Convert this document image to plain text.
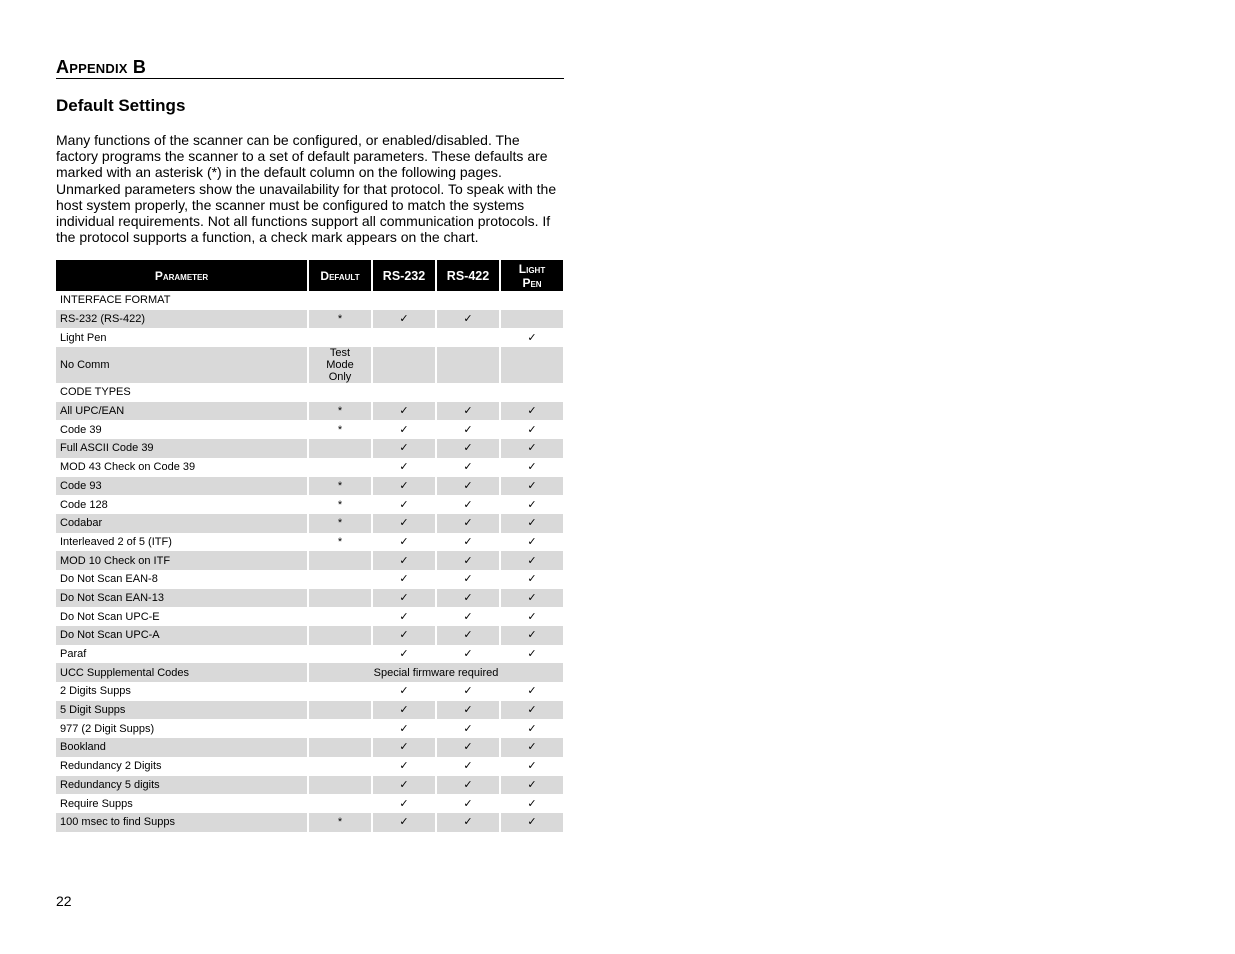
Appendix B
Default Settings

Many functions of the scanner can be configured, or enabled/disabled. The factory programs the scanner to a set of default parameters. These defaults are marked with an asterisk (*) in the default column on the following pages. Unmarked parameters show the unavailability for that protocol. To speak with the host system properly, the scanner must be configured to match the systems individual requirements. Not all functions support all communication protocols. If the protocol supports a function, a check mark appears on the chart.

Parameter	Default	RS-232	RS-422	Light Pen
INTERFACE FORMAT				
RS-232 (RS-422)	*	✓	✓	
Light Pen				✓
No Comm	Test Mode Only			
CODE TYPES				
All UPC/EAN	*	✓	✓	✓
Code 39	*	✓	✓	✓
Full ASCII Code 39		✓	✓	✓
MOD 43 Check on Code 39		✓	✓	✓
Code 93	*	✓	✓	✓
Code 128	*	✓	✓	✓
Codabar	*	✓	✓	✓
Interleaved 2 of 5 (ITF)	*	✓	✓	✓
MOD 10 Check on ITF		✓	✓	✓
Do Not Scan EAN-8		✓	✓	✓
Do Not Scan EAN-13		✓	✓	✓
Do Not Scan UPC-E		✓	✓	✓
Do Not Scan UPC-A		✓	✓	✓
Paraf		✓	✓	✓
UCC Supplemental Codes	Special firmware required			
2 Digits Supps		✓	✓	✓
5 Digit Supps		✓	✓	✓
977 (2 Digit Supps)		✓	✓	✓
Bookland		✓	✓	✓
Redundancy 2 Digits		✓	✓	✓
Redundancy 5 digits		✓	✓	✓
Require Supps		✓	✓	✓
100 msec to find Supps	*	✓	✓	✓
22
